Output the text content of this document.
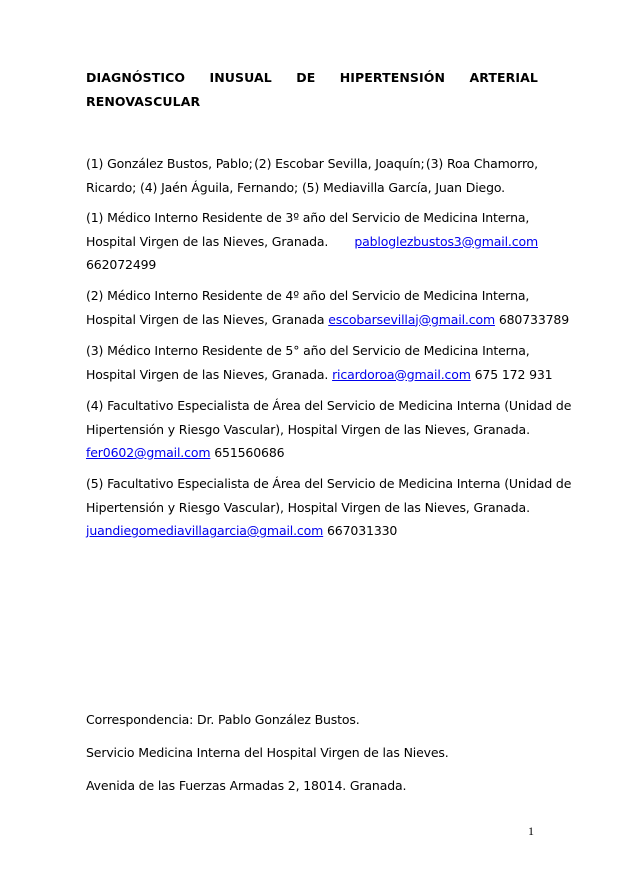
DIAGNÓSTICO INUSUAL DE HIPERTENSIÓN ARTERIAL
RENOVASCULAR
(1) González Bustos, Pablo; (2) Escobar Sevilla, Joaquín; (3) Roa Chamorro,
Ricardo; (4) Jaén Águila, Fernando; (5) Mediavilla García, Juan Diego.
(1) Médico Interno Residente de 3º año del Servicio de Medicina Interna,
Hospital Virgen de las Nieves, Granada. pabloglezbustos3@gmail.com
662072499
(2) Médico Interno Residente de 4º año del Servicio de Medicina Interna,
Hospital Virgen de las Nieves, Granada escobarsevillaj@gmail.com 680733789
(3) Médico Interno Residente de 5° año del Servicio de Medicina Interna,
Hospital Virgen de las Nieves, Granada. ricardoroa@gmail.com 675 172 931
(4) Facultativo Especialista de Área del Servicio de Medicina Interna (Unidad de
Hipertensión y Riesgo Vascular), Hospital Virgen de las Nieves, Granada.
fer0602@gmail.com 651560686
(5) Facultativo Especialista de Área del Servicio de Medicina Interna (Unidad de
Hipertensión y Riesgo Vascular), Hospital Virgen de las Nieves, Granada.
juandiegomediavillagarcia@gmail.com 667031330
Correspondencia: Dr. Pablo González Bustos.
Servicio Medicina Interna del Hospital Virgen de las Nieves.
Avenida de las Fuerzas Armadas 2, 18014. Granada.
1
